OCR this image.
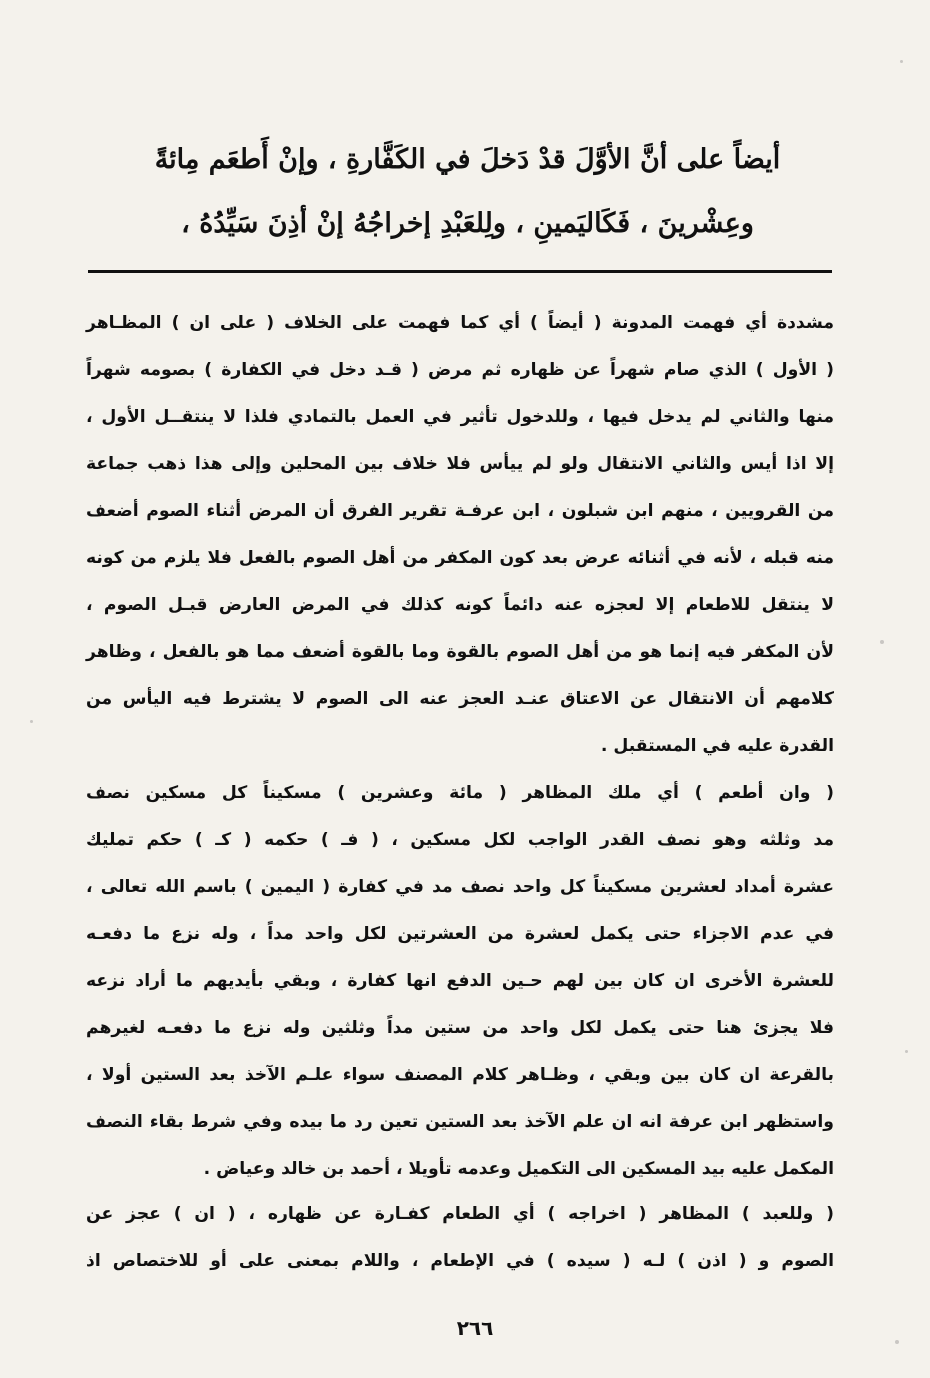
أيضاً على أنَّ الأوَّلَ قدْ دَخلَ في الكَفَّارةِ ، وإنْ أَطعَم مِائةً
وعِشْرينَ ، فَكَاليَمينِ ، ولِلعَبْدِ إخراجُهُ إنْ أذِنَ سَيِّدُهُ ،
مشددة أي فهمت المدونة ( أيضاً ) أي كما فهمت على الخلاف ( على ان ) المظـاهر
( الأول ) الذي صام شهراً عن ظهاره ثم مرض ( قـد دخل في الكفارة ) بصومه شهراً
منها والثاني لم يدخل فيها ، وللدخول تأثير في العمل بالتمادي فلذا لا ينتقــل الأول ،
إلا اذا أيس والثاني الانتقال ولو لم ييأس فلا خلاف بين المحلين وإلى هذا ذهب جماعة
من القرويين ، منهم ابن شبلون ، ابن عرفـة تقرير الفرق أن المرض أثناء الصوم أضعف
منه قبله ، لأنه في أثنائه عرض بعد كون المكفر من أهل الصوم بالفعل فلا يلزم من كونه
لا ينتقل للاطعام إلا لعجزه عنه دائماً كونه كذلك في المرض العارض قبـل الصوم ،
لأن المكفر فيه إنما هو من أهل الصوم بالقوة وما بالقوة أضعف مما هو بالفعل ، وظاهر
كلامهم أن الانتقال عن الاعتاق عنـد العجز عنه الى الصوم لا يشترط فيه اليأس من
القدرة عليه في المستقبل .
( وان أطعم ) أي ملك المظاهر ( مائة وعشرين ) مسكيناً كل مسكين نصف
مد وثلثه وهو نصف القدر الواجب لكل مسكين ، ( فـ ) حكمه ( كـ ) حكم تمليك
عشرة أمداد لعشرين مسكيناً كل واحد نصف مد في كفارة ( اليمين ) باسم الله تعالى ،
في عدم الاجزاء حتى يكمل لعشرة من العشرتين لكل واحد مداً ، وله نزع ما دفعـه
للعشرة الأخرى ان كان بين لهم حـين الدفع انها كفارة ، وبقي بأيديهم ما أراد نزعه
فلا يجزئ هنا حتى يكمل لكل واحد من ستين مداً وثلثين وله نزع ما دفعـه لغيرهم
بالقرعة ان كان بين وبقي ، وظـاهر كلام المصنف سواء علـم الآخذ بعد الستين أولا ،
واستظهر ابن عرفة انه ان علم الآخذ بعد الستين تعين رد ما بيده وفي شرط بقاء النصف
المكمل عليه بيد المسكين الى التكميل وعدمه تأويلا ، أحمد بن خالد وعياض .
( وللعبد ) المظاهر ( اخراجه ) أي الطعام كفـارة عن ظهاره ، ( ان ) عجز عن
الصوم و ( اذن ) لـه ( سيده ) في الإطعام ، واللام بمعنى على أو للاختصاص اذ
٢٦٦
